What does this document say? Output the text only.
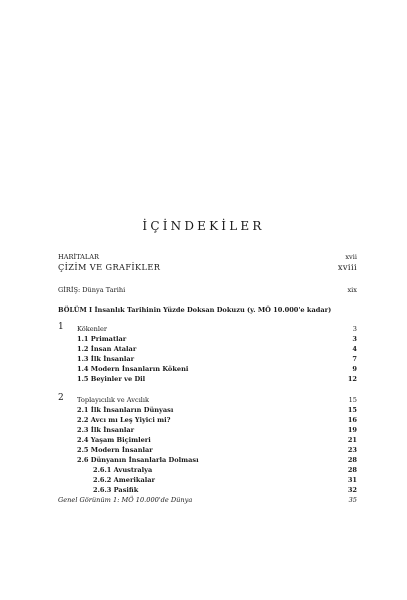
İÇİNDEKİLER
HARİTALAR	xvii
ÇİZİM VE GRAFİKLER	xviii
GİRİŞ: Dünya Tarihi	xix
BÖLÜM I İnsanlık Tarihinin Yüzde Doksan Dokuzu (y. MÖ 10.000'e kadar)
1 Kökenler	3
1.1 Primatlar	3
1.2 İnsan Atalar	4
1.3 İlk İnsanlar	7
1.4 Modern İnsanların Kökeni	9
1.5 Beyinler ve Dil	12
2 Toplayıcılık ve Avcılık	15
2.1 İlk İnsanların Dünyası	15
2.2 Avcı mı Leş Yiyici mi?	16
2.3 İlk İnsanlar	19
2.4 Yaşam Biçimleri	21
2.5 Modern İnsanlar	23
2.6 Dünyanın İnsanlarla Dolması	28
2.6.1 Avustralya	28
2.6.2 Amerikalar	31
2.6.3 Pasifik	32
Genel Görünüm 1: MÖ 10.000'de Dünya	35
